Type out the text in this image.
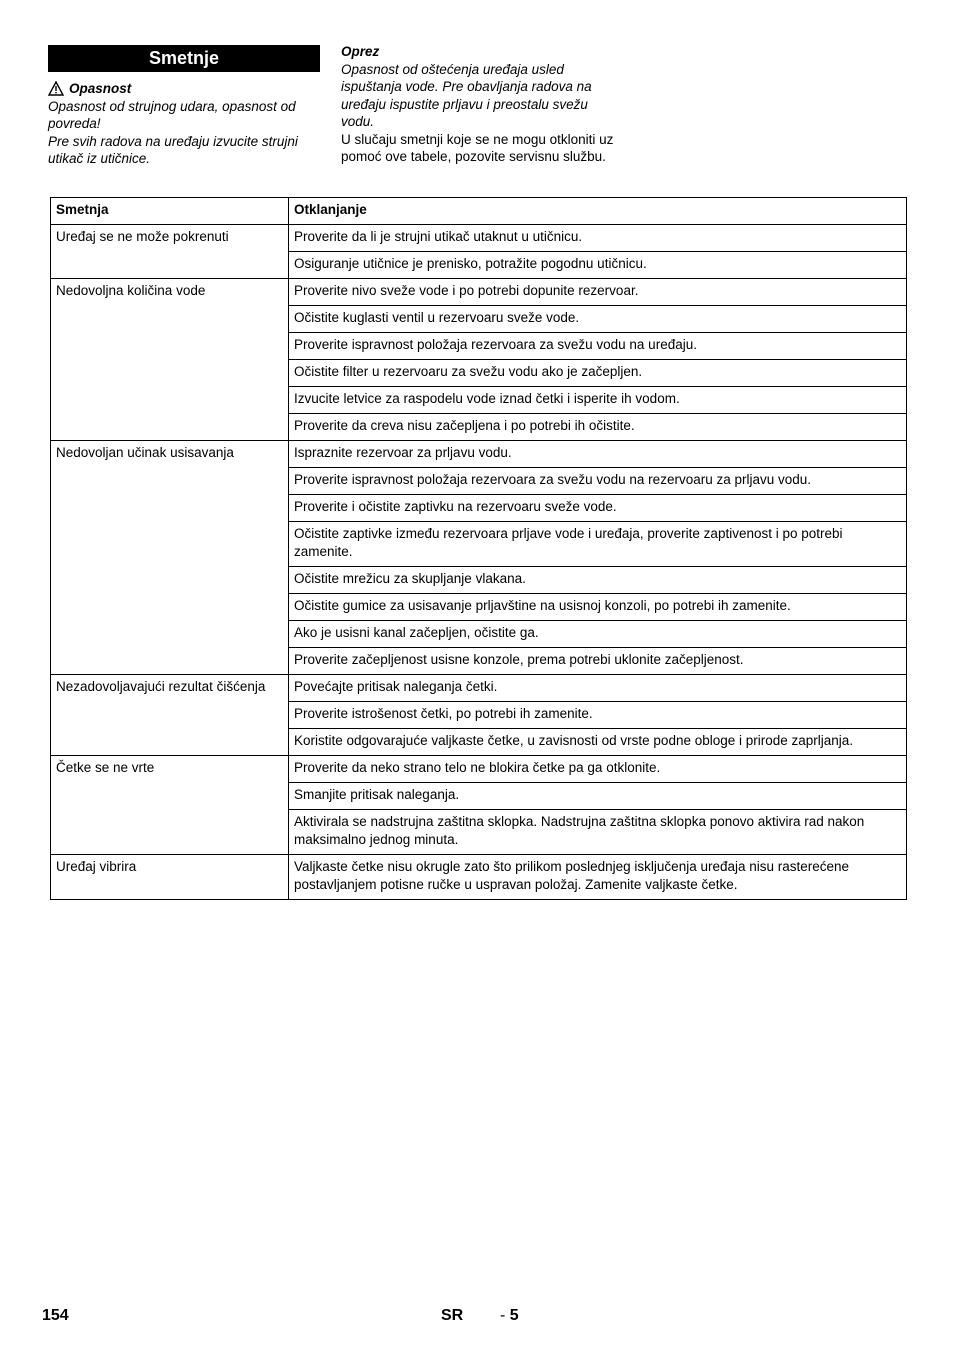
Smetnje
Opasnost
Opasnost od strujnog udara, opasnost od povreda!
Pre svih radova na uređaju izvucite strujni utikač iz utičnice.
Oprez
Opasnost od oštećenja uređaja usled ispuštanja vode. Pre obavljanja radova na uređaju ispustite prljavu i preostalu svežu vodu.
U slučaju smetnji koje se ne mogu otkloniti uz pomoć ove tabele, pozovite servisnu službu.
Smetnja	Otklanjanje
Uređaj se ne može pokrenuti	Proverite da li je strujni utikač utaknut u utičnicu.
	Osiguranje utičnice je prenisko, potražite pogodnu utičnicu.
Nedovoljna količina vode	Proverite nivo sveže vode i po potrebi dopunite rezervoar.
	Očistite kuglasti ventil u rezervoaru sveže vode.
	Proverite ispravnost položaja rezervoara za svežu vodu na uređaju.
	Očistite filter u rezervoaru za svežu vodu ako je začepljen.
	Izvucite letvice za raspodelu vode iznad četki i isperite ih vodom.
	Proverite da creva nisu začepljena i po potrebi ih očistite.
Nedovoljan učinak usisavanja	Ispraznite rezervoar za prljavu vodu.
	Proverite ispravnost položaja rezervoara za svežu vodu na rezervoaru za prljavu vodu.
	Proverite i očistite zaptivku na rezervoaru sveže vode.
	Očistite zaptivke između rezervoara prljave vode i uređaja, proverite zaptivenost i po potrebi zamenite.
	Očistite mrežicu za skupljanje vlakana.
	Očistite gumice za usisavanje prljavštine na usisnoj konzoli, po potrebi ih zamenite.
	Ako je usisni kanal začepljen, očistite ga.
	Proverite začepljenost usisne konzole, prema potrebi uklonite začepljenost.
Nezadovoljavajući rezultat čišćenja	Povećajte pritisak naleganja četki.
	Proverite istrošenost četki, po potrebi ih zamenite.
	Koristite odgovarajuće valjkaste četke, u zavisnosti od vrste podne obloge i prirode zaprljanja.
Četke se ne vrte	Proverite da neko strano telo ne blokira četke pa ga otklonite.
	Smanjite pritisak naleganja.
	Aktivirala se nadstrujna zaštitna sklopka. Nadstrujna zaštitna sklopka ponovo aktivira rad nakon maksimalno jednog minuta.
Uređaj vibrira	Valjkaste četke nisu okrugle zato što prilikom poslednjeg isključenja uređaja nisu rasterećene postavljanjem potisne ručke u uspravan položaj. Zamenite valjkaste četke.
154	SR - 5
